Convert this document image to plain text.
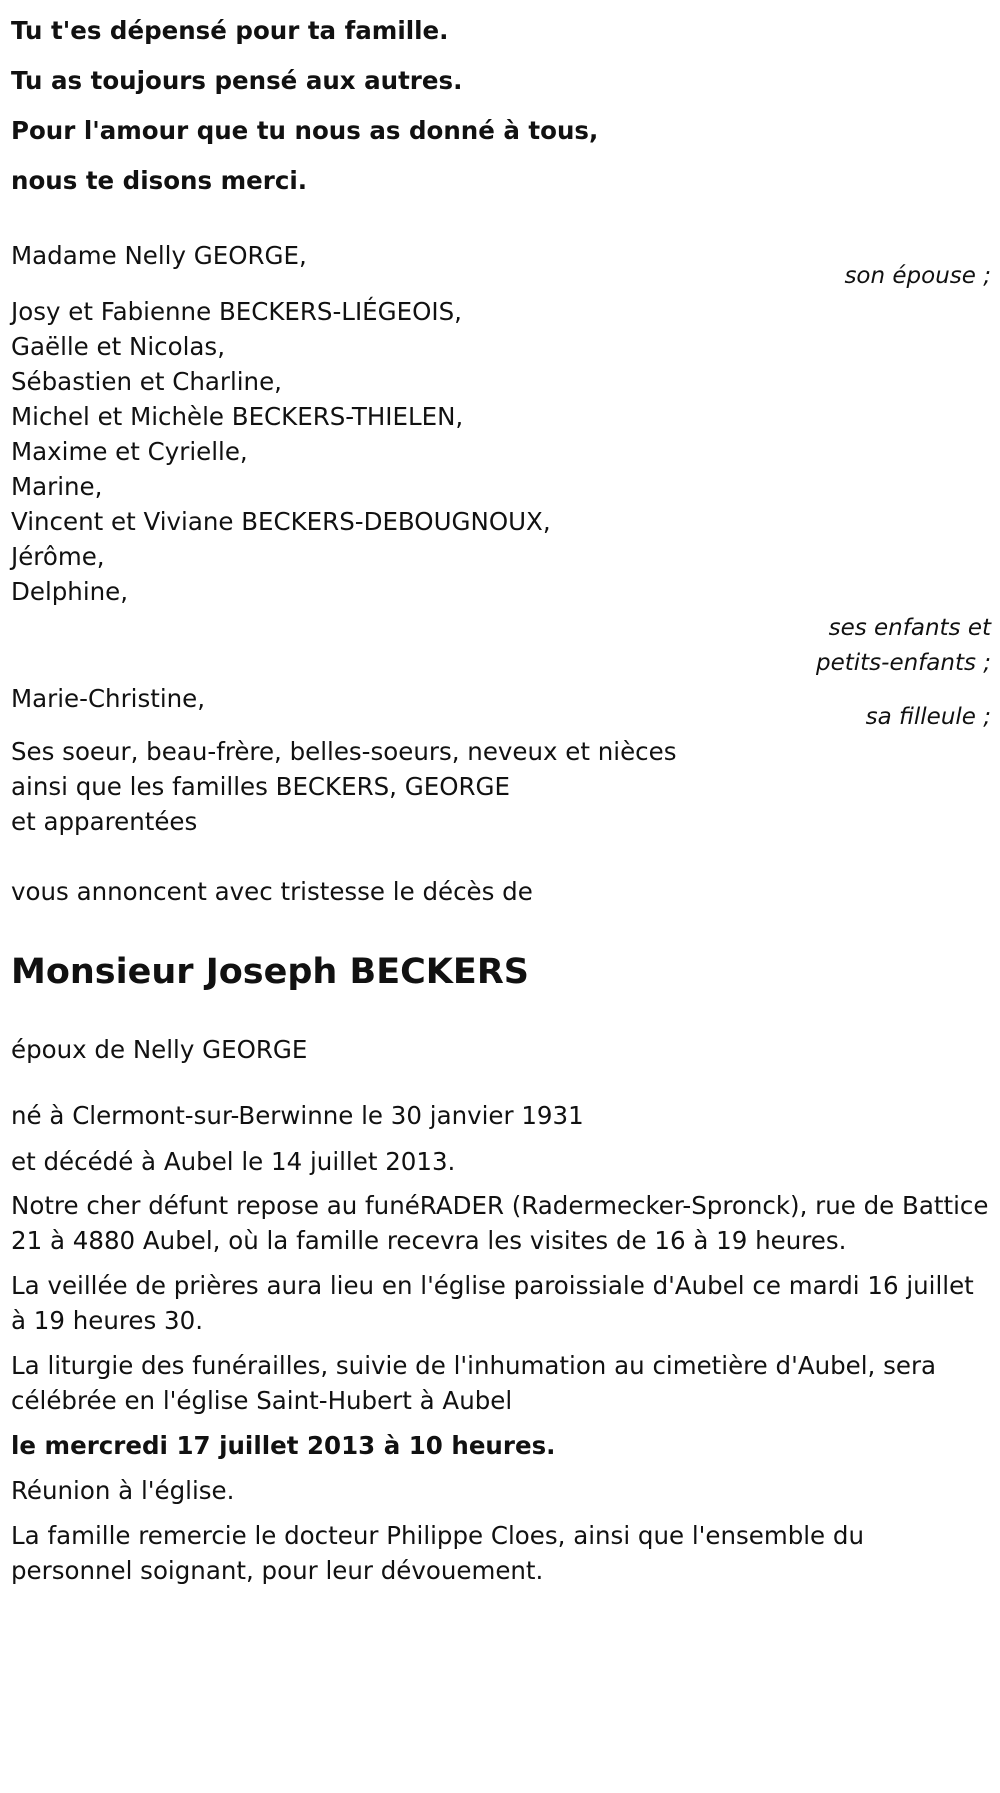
Tu t'es dépensé pour ta famille.

Tu as toujours pensé aux autres.

Pour l'amour que tu nous as donné à tous,

nous te disons merci.

Madame Nelly GEORGE,
son épouse ;
Josy et Fabienne BECKERS-LIÉGEOIS,
Gaëlle et Nicolas,
Sébastien et Charline,
Michel et Michèle BECKERS-THIELEN,
Maxime et Cyrielle,
Marine,
Vincent et Viviane BECKERS-DEBOUGNOUX,
Jérôme,
Delphine,
ses enfants et
petits-enfants ;
Marie-Christine,
sa filleule ;
Ses soeur, beau-frère, belles-soeurs, neveux et nièces
ainsi que les familles BECKERS, GEORGE
et apparentées
vous annoncent avec tristesse le décès de
Monsieur Joseph BECKERS
époux de Nelly GEORGE
né à Clermont-sur-Berwinne le 30 janvier 1931
et décédé à Aubel le 14 juillet 2013.

Notre cher défunt repose au funéRADER (Radermecker-Spronck), rue de Battice 21 à 4880 Aubel, où la famille recevra les visites de 16 à 19 heures.

La veillée de prières aura lieu en l'église paroissiale d'Aubel ce mardi 16 juillet à 19 heures 30.

La liturgie des funérailles, suivie de l'inhumation au cimetière d'Aubel, sera célébrée en l'église Saint-Hubert à Aubel

le mercredi 17 juillet 2013 à 10 heures.

Réunion à l'église.

La famille remercie le docteur Philippe Cloes, ainsi que l'ensemble du personnel soignant, pour leur dévouement.
